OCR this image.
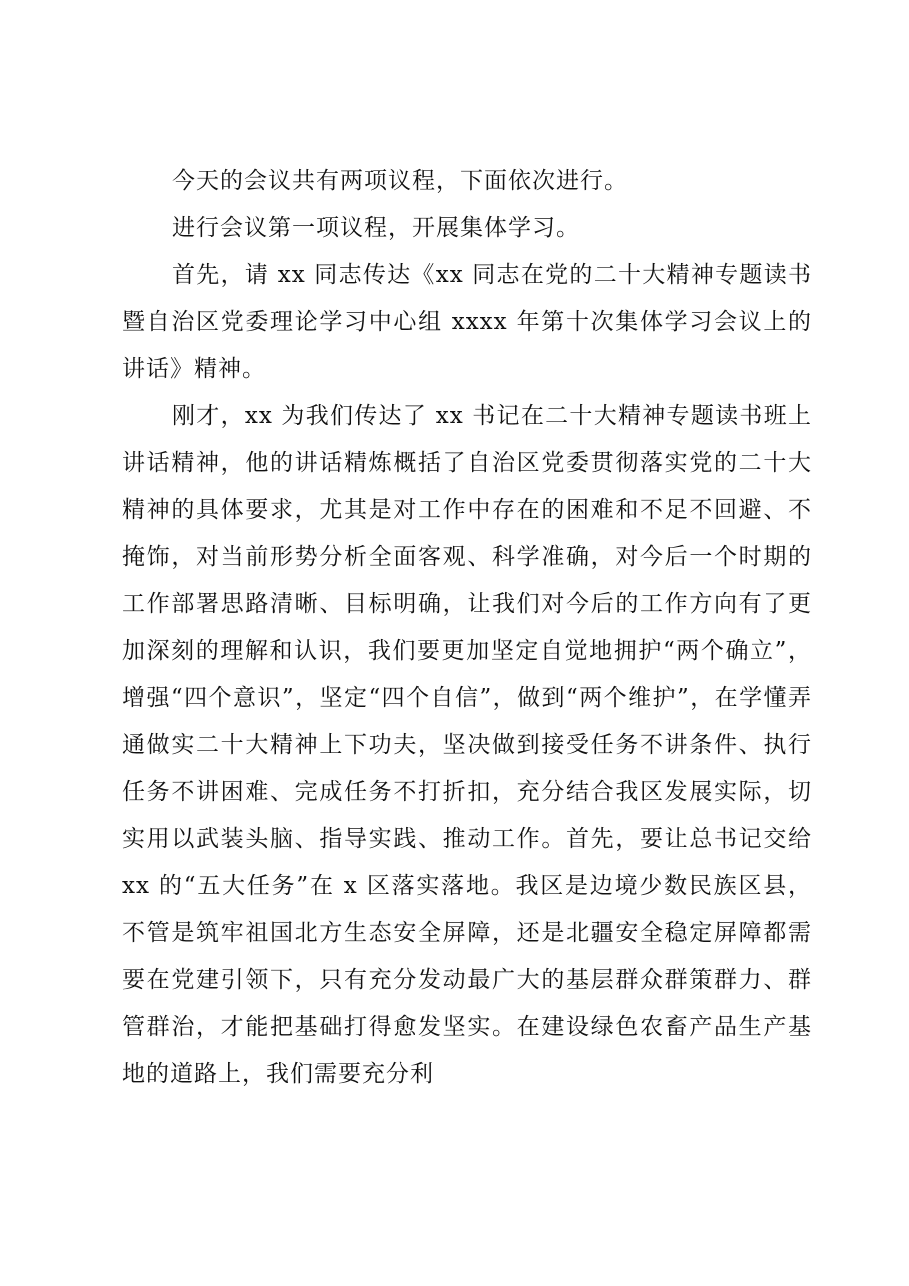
今天的会议共有两项议程，下面依次进行。

进行会议第一项议程，开展集体学习。

首先，请 xx 同志传达《xx 同志在党的二十大精神专题读书暨自治区党委理论学习中心组 xxxx 年第十次集体学习会议上的讲话》精神。

刚才，xx 为我们传达了 xx 书记在二十大精神专题读书班上讲话精神，他的讲话精炼概括了自治区党委贯彻落实党的二十大精神的具体要求，尤其是对工作中存在的困难和不足不回避、不掩饰，对当前形势分析全面客观、科学准确，对今后一个时期的工作部署思路清晰、目标明确，让我们对今后的工作方向有了更加深刻的理解和认识，我们要更加坚定自觉地拥护“两个确立”，增强“四个意识”，坚定“四个自信”，做到“两个维护”，在学懂弄通做实二十大精神上下功夫，坚决做到接受任务不讲条件、执行任务不讲困难、完成任务不打折扣，充分结合我区发展实际，切实用以武装头脑、指导实践、推动工作。首先，要让总书记交给 xx 的“五大任务”在 x 区落实落地。我区是边境少数民族区县，不管是筑牢祖国北方生态安全屏障，还是北疆安全稳定屏障都需要在党建引领下，只有充分发动最广大的基层群众群策群力、群管群治，才能把基础打得愈发坚实。在建设绿色农畜产品生产基地的道路上，我们需要充分利
